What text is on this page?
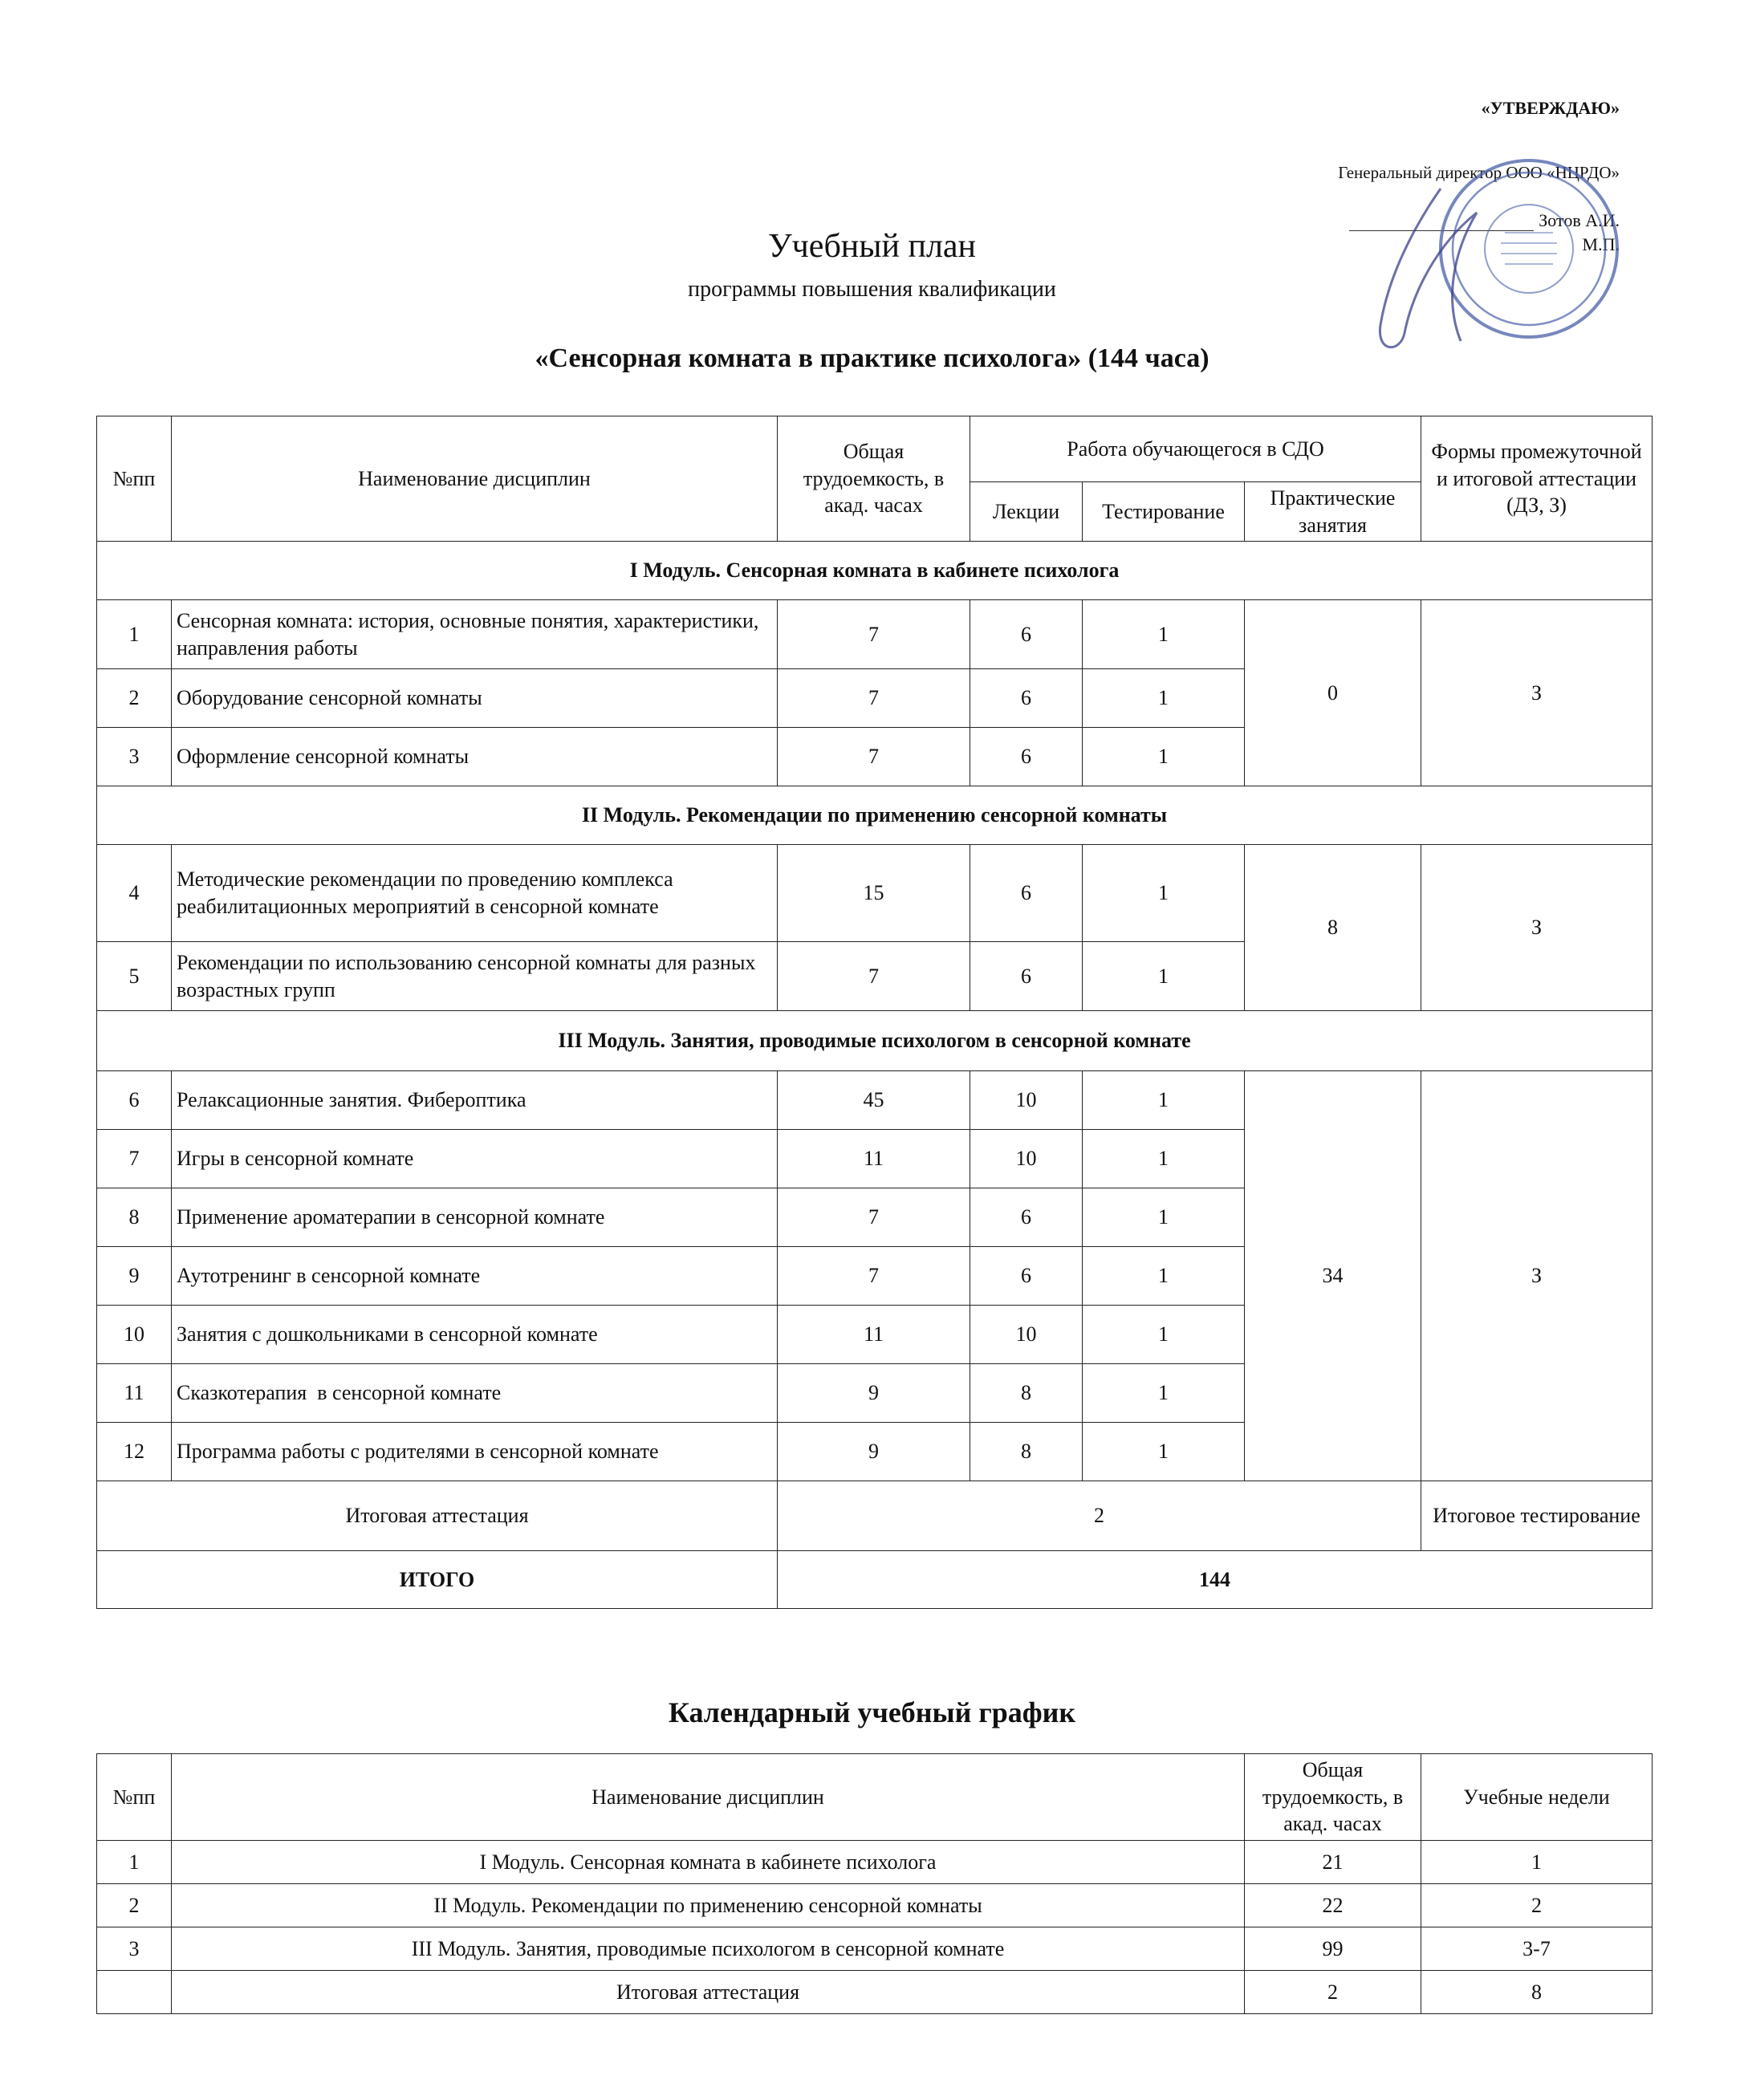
«УТВЕРЖДАЮ»
Генеральный директор ООО «НЦРДО»
Зотов А.И.
М.П.
Учебный план
программы повышения квалификации
«Сенсорная комната в практике психолога» (144 часа)
№пп	Наименование дисциплин	Общая трудоемкость, в акад. часах	Работа обучающегося в СДО			Формы промежуточной и итоговой аттестации (ДЗ, З)
			Лекции	Тестирование	Практические занятия	
I Модуль. Сенсорная комната в кабинете психолога						
1	Сенсорная комната: история, основные понятия, характеристики, направления работы	7	6	1	0	З
2	Оборудование сенсорной комнаты	7	6	1		
3	Оформление сенсорной комнаты	7	6	1		
II Модуль. Рекомендации по применению сенсорной комнаты						
4	Методические рекомендации по проведению комплекса реабилитационных мероприятий в сенсорной комнате	15	6	1	8	З
5	Рекомендации по использованию сенсорной комнаты для разных возрастных групп	7	6	1		
III Модуль. Занятия, проводимые психологом в сенсорной комнате						
6	Релаксационные занятия. Фибероптика	45	10	1	34	З
7	Игры в сенсорной комнате	11	10	1		
8	Применение ароматерапии в сенсорной комнате	7	6	1		
9	Аутотренинг в сенсорной комнате	7	6	1		
10	Занятия с дошкольниками в сенсорной комнате	11	10	1		
11	Сказкотерапия  в сенсорной комнате	9	8	1		
12	Программа работы с родителями в сенсорной комнате	9	8	1		
Итоговая аттестация		2				Итоговое тестирование
ИТОГО		144				
Календарный учебный график
№пп	Наименование дисциплин	Общая трудоемкость, в акад. часах	Учебные недели
1	I Модуль. Сенсорная комната в кабинете психолога	21	1
2	II Модуль. Рекомендации по применению сенсорной комнаты	22	2
3	III Модуль. Занятия, проводимые психологом в сенсорной комнате	99	3-7
	Итоговая аттестация	2	8
